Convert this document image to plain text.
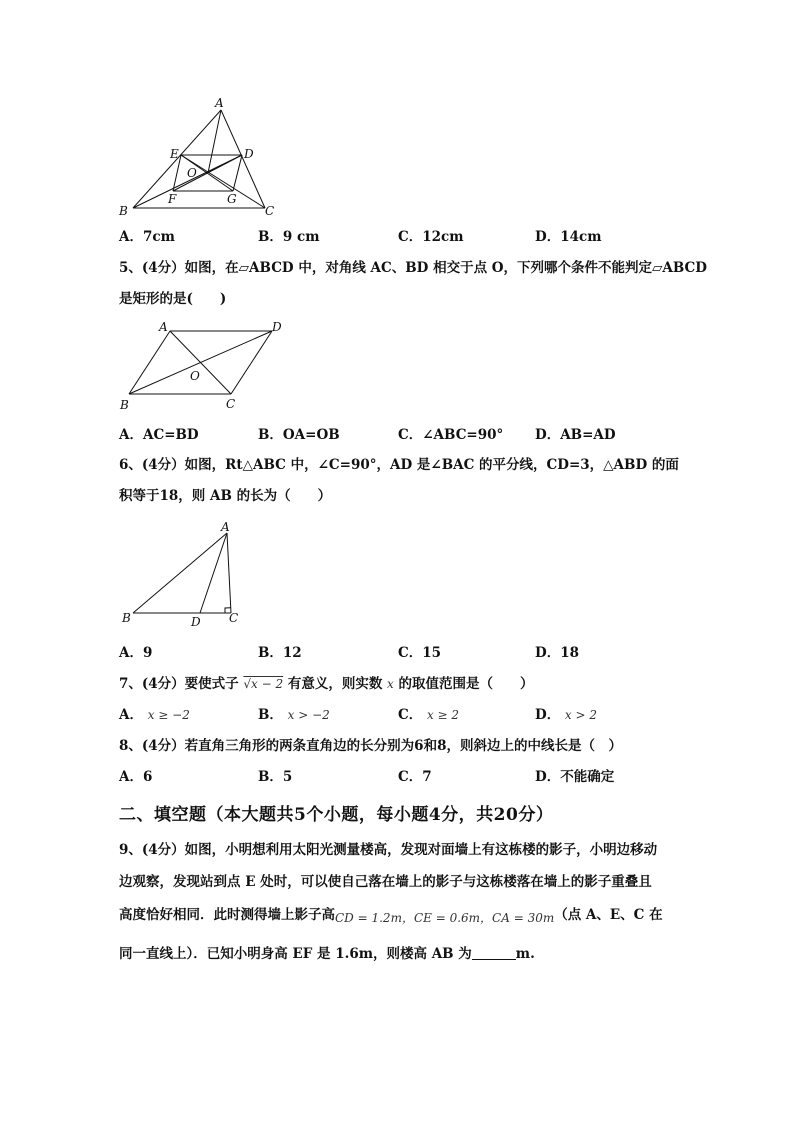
A
B	C
D
E
F	G
O
A．7cm	B．9 cm	C．12cm	D．14cm
5、(4分）如图，在▱ABCD 中，对角线 AC、BD 相交于点 O，下列哪个条件不能判定▱ABCD
是矩形的是(　　)
A	D
B	C
O
A．AC=BD	B．OA=OB	C．∠ABC=90° D．AB=AD
6、(4分）如图，Rt△ABC 中，∠C=90°，AD 是∠BAC 的平分线，CD=3，△ABD 的面
积等于18，则 AB 的长为（　　）
A
B	D C
A．9	B．12	C．15	D．18
7、(4分）要使式子 √x − 2 有意义，则实数 x 的取值范围是（　　）
A． x ≥ −2	B． x > −2	C． x ≥ 2	D． x > 2
8、(4分）若直角三角形的两条直角边的长分别为6和8，则斜边上的中线长是（　）
A．6	B．5	C．7	D．不能确定
二、填空题（本大题共5个小题，每小题4分，共20分）
9、(4分）如图，小明想利用太阳光测量楼高，发现对面墙上有这栋楼的影子，小明边移动
边观察，发现站到点 E 处时，可以使自己落在墙上的影子与这栋楼落在墙上的影子重叠且
高度恰好相同．此时测得墙上影子高CD = 1.2m，CE = 0.6m，CA = 30m（点 A、E、C 在
同一直线上）．已知小明身高 EF 是 1.6m，则楼高 AB 为	m.
